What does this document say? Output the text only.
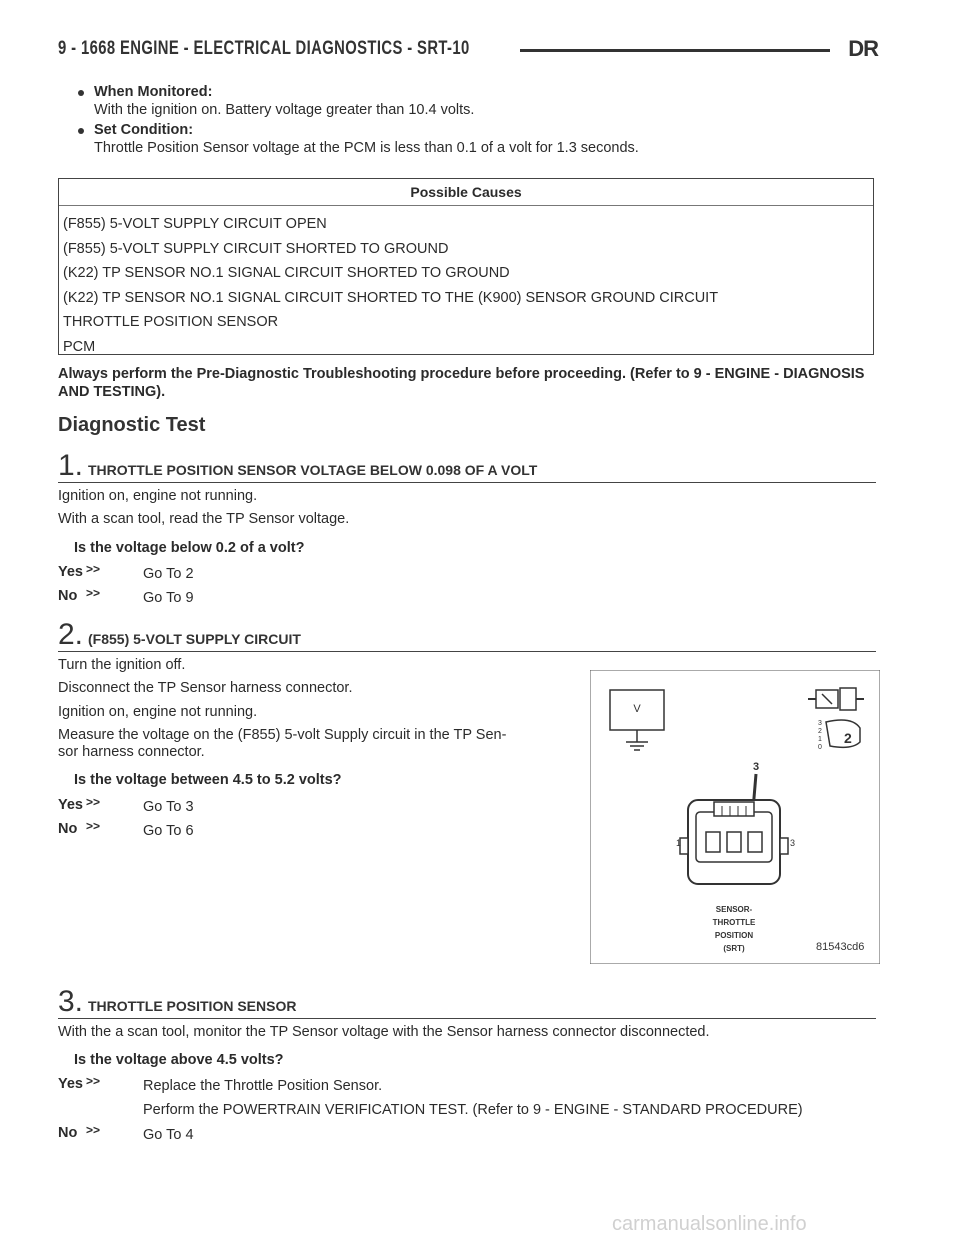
9 - 1668 ENGINE - ELECTRICAL DIAGNOSTICS - SRT-10	DR
When Monitored:
With the ignition on. Battery voltage greater than 10.4 volts.
Set Condition:
Throttle Position Sensor voltage at the PCM is less than 0.1 of a volt for 1.3 seconds.
Possible Causes
(F855) 5-VOLT SUPPLY CIRCUIT OPEN
(F855) 5-VOLT SUPPLY CIRCUIT SHORTED TO GROUND
(K22) TP SENSOR NO.1 SIGNAL CIRCUIT SHORTED TO GROUND
(K22) TP SENSOR NO.1 SIGNAL CIRCUIT SHORTED TO THE (K900) SENSOR GROUND CIRCUIT
THROTTLE POSITION SENSOR
PCM
Always perform the Pre-Diagnostic Troubleshooting procedure before proceeding. (Refer to 9 - ENGINE - DIAGNOSIS AND TESTING).
Diagnostic Test
1. THROTTLE POSITION SENSOR VOLTAGE BELOW 0.098 OF A VOLT
Ignition on, engine not running.
With a scan tool, read the TP Sensor voltage.
Is the voltage below 0.2 of a volt?
Yes >>	Go To 2
No >>	Go To 9
2. (F855) 5-VOLT SUPPLY CIRCUIT
Turn the ignition off.
Disconnect the TP Sensor harness connector.
Ignition on, engine not running.
Measure the voltage on the (F855) 5-volt Supply circuit in the TP Sen-
sor harness connector.
Is the voltage between 4.5 to 5.2 volts?
Yes >>	Go To 3
No >>	Go To 6
V
3
2
1
0
2
3
1	3
SENSOR-
THROTTLE
POSITION
(SRT)	81543cd6
3. THROTTLE POSITION SENSOR
With the a scan tool, monitor the TP Sensor voltage with the Sensor harness connector disconnected.
Is the voltage above 4.5 volts?
Yes >>	Replace the Throttle Position Sensor.
Perform the POWERTRAIN VERIFICATION TEST. (Refer to 9 - ENGINE - STANDARD PROCEDURE)
No >>	Go To 4
carmanualsonline.info
